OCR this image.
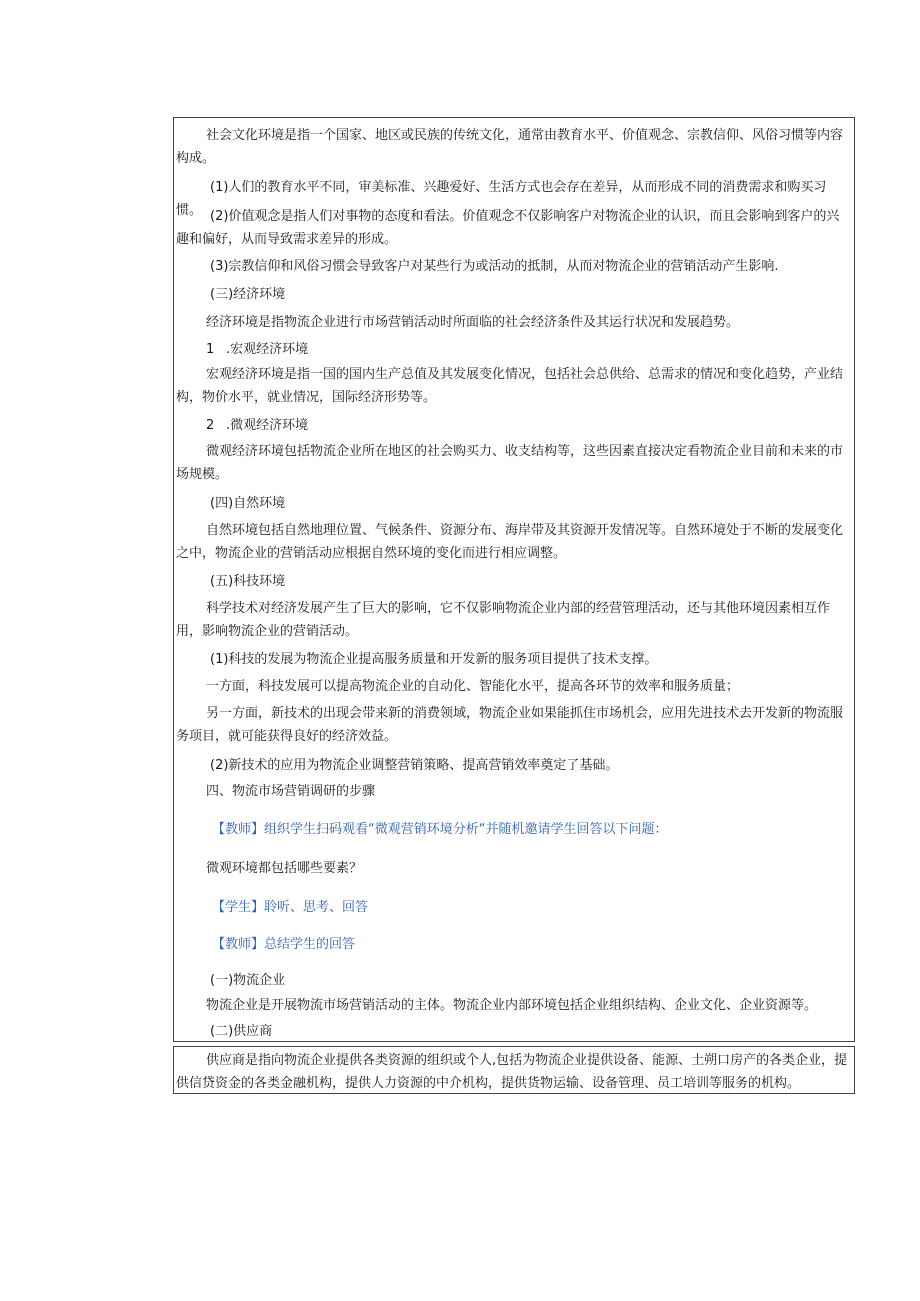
社会文化环境是指一个国家、地区或民族的传统文化，通常由教育水平、价值观念、宗教信仰、风俗习惯等内容构成。

(1)人们的教育水平不同，审美标准、兴趣爱好、生活方式也会存在差异，从而形成不同的消费需求和购买习惯。 (2)价值观念是指人们对事物的态度和看法。价值观念不仅影响客户对物流企业的认识，而且会影响到客户的兴趣和偏好，从而导致需求差异的形成。

(3)宗教信仰和风俗习惯会导致客户对某些行为或活动的抵制，从而对物流企业的营销活动产生影响.

(三)经济环境

经济环境是指物流企业进行市场营销活动时所面临的社会经济条件及其运行状况和发展趋势。

1 .宏观经济环境

宏观经济环境是指一国的国内生产总值及其发展变化情况，包括社会总供给、总需求的情况和变化趋势，产业结构，物价水平，就业情况，国际经济形势等。

2 .微观经济环境

微观经济环境包括物流企业所在地区的社会购买力、收支结构等，这些因素直接决定看物流企业目前和未来的市场规模。

(四)自然环境

自然环境包括自然地理位置、气候条件、资源分布、海岸带及其资源开发情况等。自然环境处于不断的发展变化之中，物流企业的营销活动应根据自然环境的变化而进行相应调整。

(五)科技环境

科学技术对经济发展产生了巨大的影响，它不仅影响物流企业内部的经营管理活动，还与其他环境因素相互作用，影响物流企业的营销活动。

(1)科技的发展为物流企业提高服务质量和开发新的服务项目提供了技术支撑。

一方面，科技发展可以提高物流企业的自动化、智能化水平，提高各环节的效率和服务质量；

另一方面，新技术的出现会带来新的消费领域，物流企业如果能抓住市场机会，应用先进技术去开发新的物流服务项目，就可能获得良好的经济效益。

(2)新技术的应用为物流企业调整营销策略、提高营销效率奠定了基础。

四、物流市场营销调研的步骤

【教师】组织学生扫码观看“微观营销环境分析“并随机邀请学生回答以下问题：

微观环境都包括哪些要素？

【学生】聆听、思考、回答

【教师】总结学生的回答

(一)物流企业

物流企业是开展物流市场营销活动的主体。物流企业内部环境包括企业组织结构、企业文化、企业资源等。

(二)供应商

供应商是指向物流企业提供各类资源的组织或个人,包括为物流企业提供设备、能源、土朔口房产的各类企业，提供信贷资金的各类金融机构，提供人力资源的中介机构，提供货物运输、设备管理、员工培训等服务的机构。
